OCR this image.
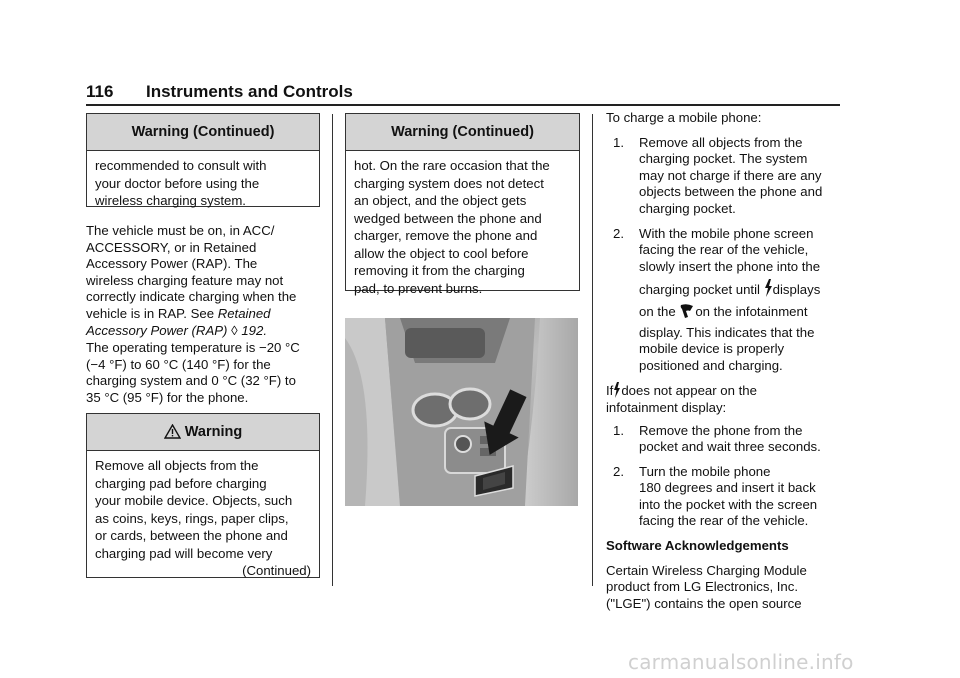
116 Instruments and Controls
Warning (Continued)
recommended to consult with
your doctor before using the
wireless charging system.
The vehicle must be on, in ACC/
ACCESSORY, or in Retained
Accessory Power (RAP). The
wireless charging feature may not
correctly indicate charging when the
vehicle is in RAP. See Retained
Accessory Power (RAP) ◊ 192.
The operating temperature is −20 °C
(−4 °F) to 60 °C (140 °F) for the
charging system and 0 °C (32 °F) to
35 °C (95 °F) for the phone.
Warning
Remove all objects from the
charging pad before charging
your mobile device. Objects, such
as coins, keys, rings, paper clips,
or cards, between the phone and
charging pad will become very
(Continued)
Warning (Continued)
hot. On the rare occasion that the
charging system does not detect
an object, and the object gets
wedged between the phone and
charger, remove the phone and
allow the object to cool before
removing it from the charging
pad, to prevent burns.

To charge a mobile phone:

1. Remove all objects from the
charging pocket. The system
may not charge if there are any
objects between the phone and
charging pocket.
2. With the mobile phone screen
facing the rear of the vehicle,
slowly insert the phone into the
charging pocket until displays
on the on the infotainment
display. This indicates that the
mobile device is properly
positioned and charging.
If does not appear on the
infotainment display:
1. Remove the phone from the
pocket and wait three seconds.
2. Turn the mobile phone
180 degrees and insert it back
into the pocket with the screen
facing the rear of the vehicle.

Software Acknowledgements

Certain Wireless Charging Module
product from LG Electronics, Inc.
("LGE") contains the open source
carmanualsonline.info
